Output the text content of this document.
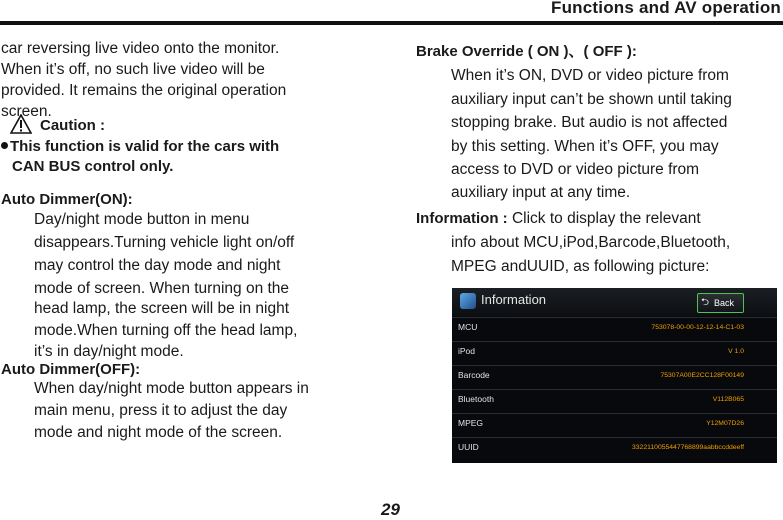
Functions and AV operation
car reversing live video onto the monitor.
When it’s off, no such live video will be
provided. It remains the original operation
screen.
Caution :
This function is valid for the cars with
CAN BUS control only.
Auto Dimmer(ON):
Day/night mode button in menu
disappears.Turning vehicle light on/off
may control the day mode and night
mode of screen. When turning on the
head lamp, the screen will be in night
mode.When turning off the head lamp,
it’s in day/night mode.
Auto Dimmer(OFF):
When day/night mode button appears in
main menu, press it to adjust the day
mode and night mode of the screen.
Brake Override ( ON )、( OFF ):
When it’s ON, DVD or video picture from
auxiliary input can’t be shown until taking
stopping brake. But audio is not affected
by this setting. When it’s OFF, you may
access to DVD or video picture from
auxiliary input at any time.
Information : Click to display the relevant
info about MCU,iPod,Barcode,Bluetooth,
MPEG andUUID, as following picture:
Information	⮌ Back
MCU	753078-00-00-12-12-14-C1-03
iPod	V 1.0
Barcode	75307A00E2CC128F00149
Bluetooth	V112B065
MPEG	Y12M07D26
UUID	3322110055447768899aabbccddeeff
29
